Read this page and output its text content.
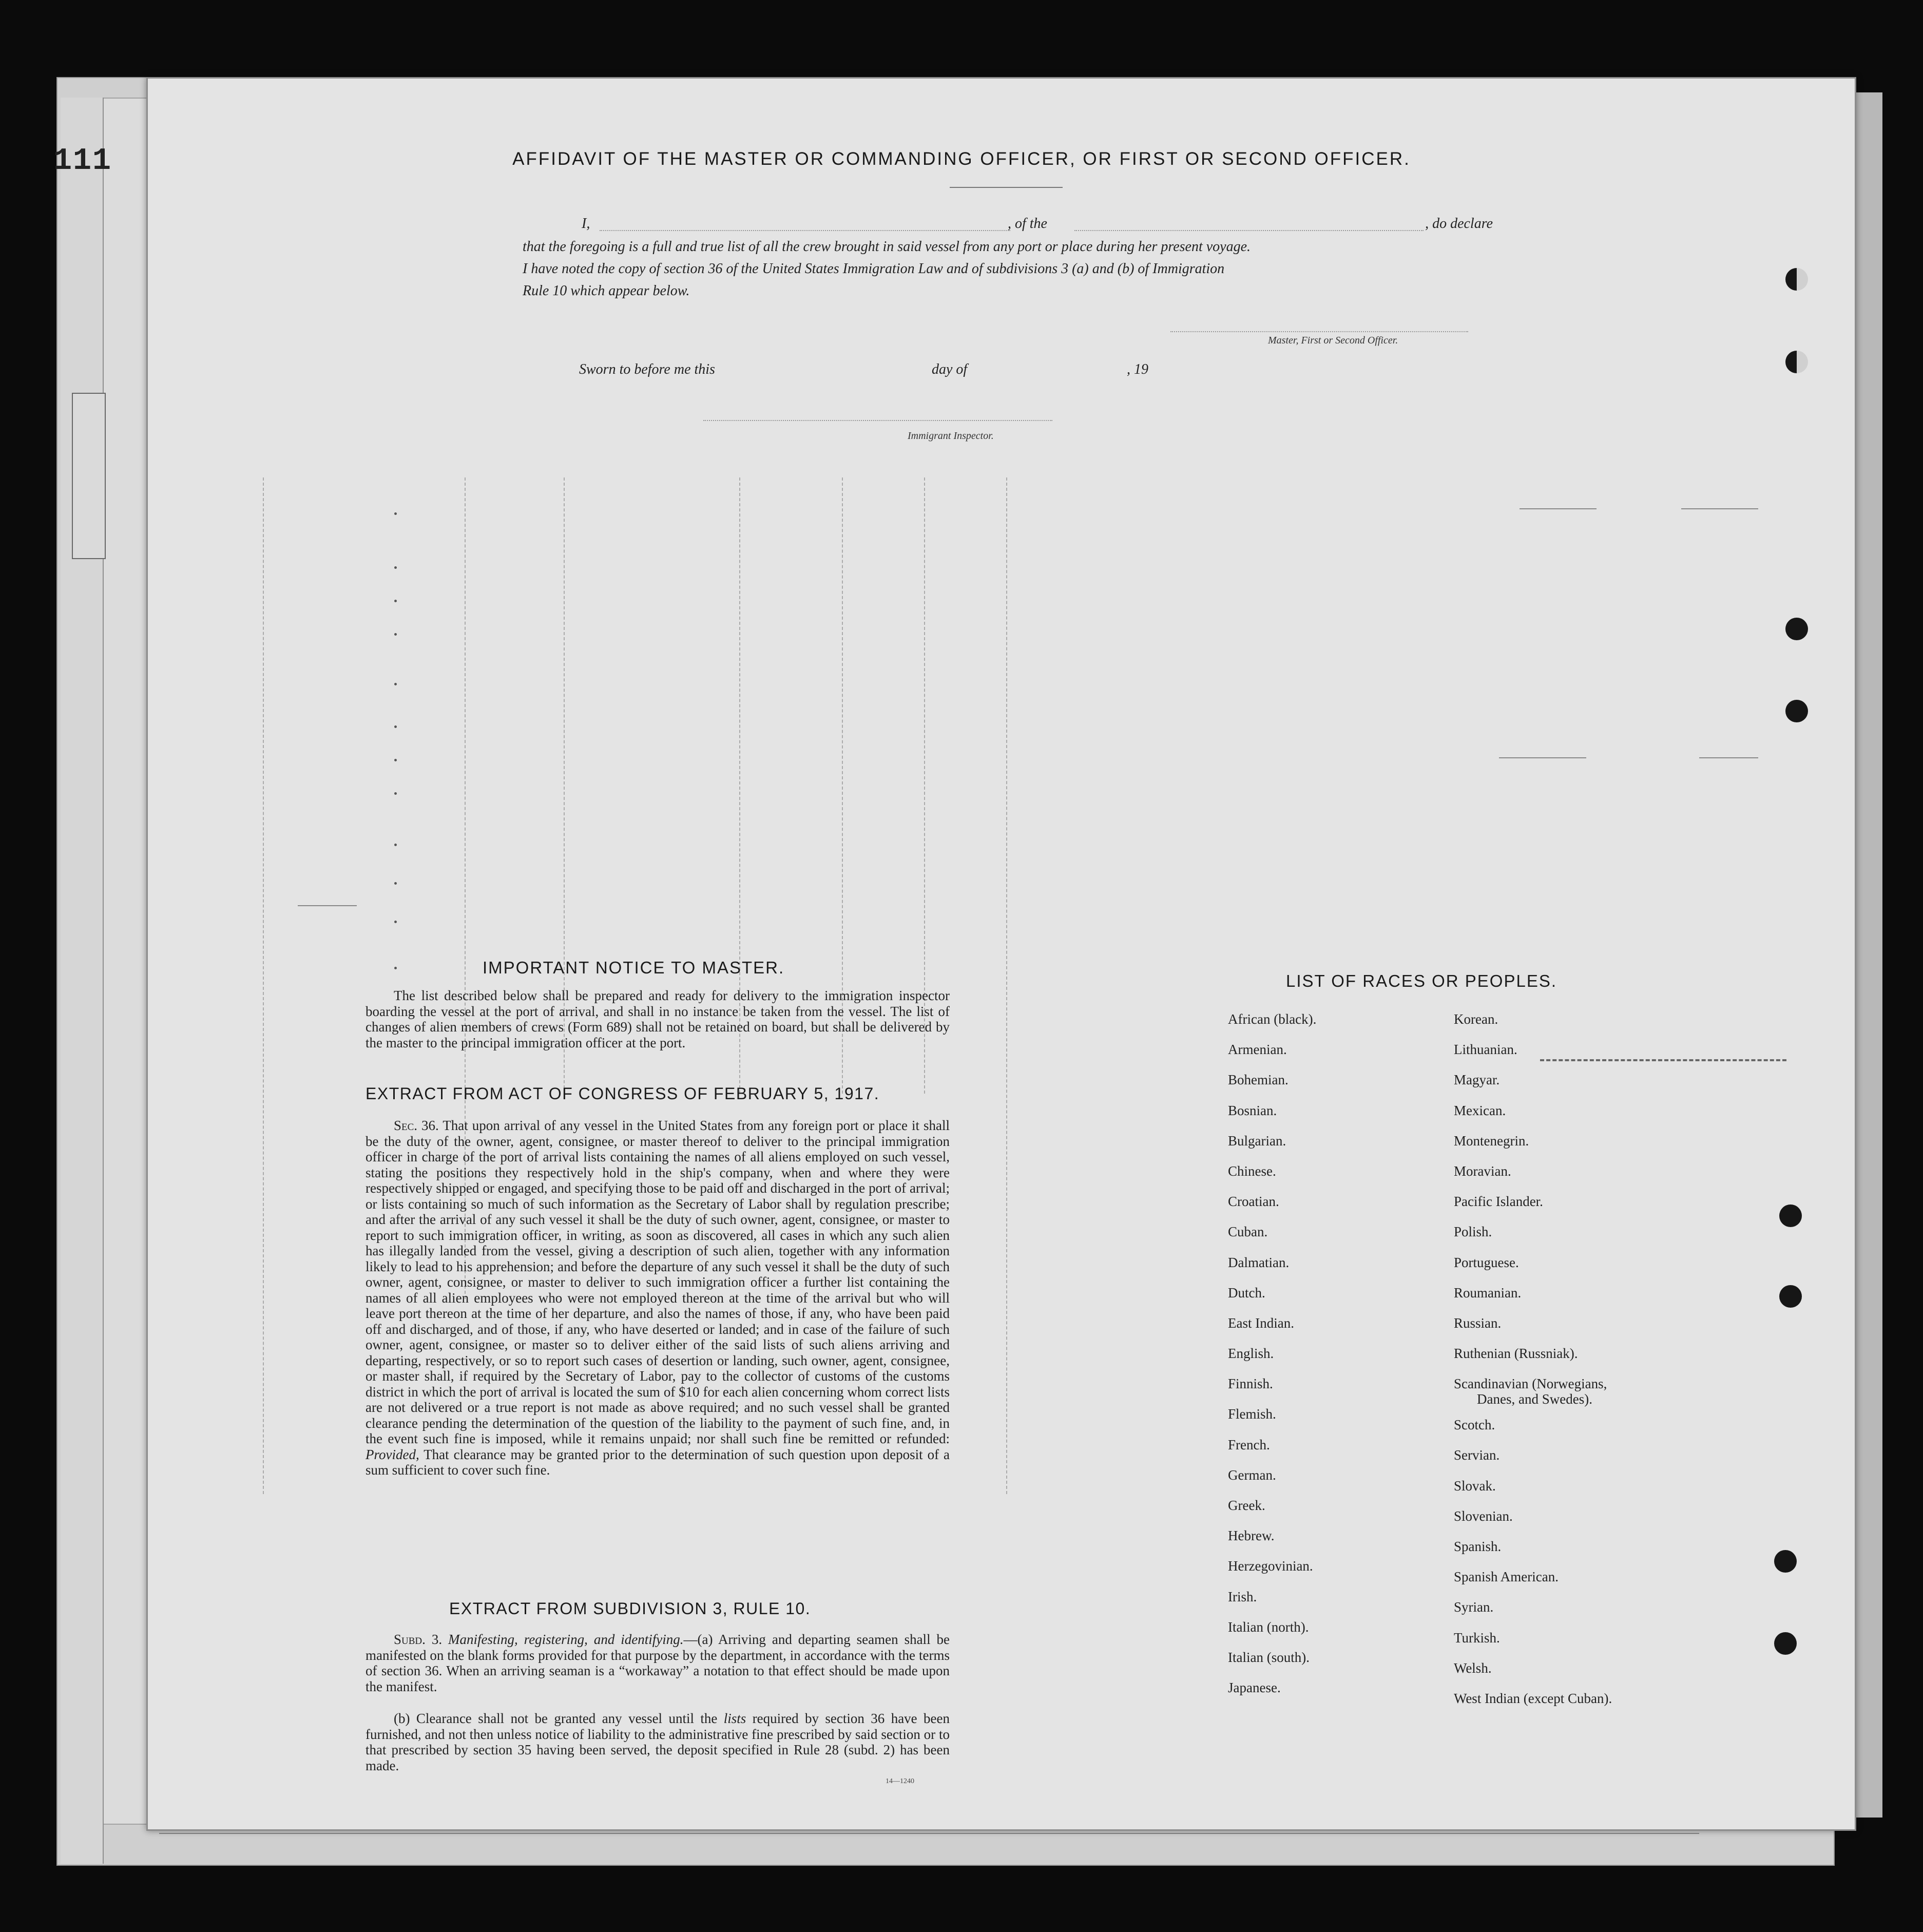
111	AFFIDAVIT OF THE MASTER OR COMMANDING OFFICER, OR FIRST OR SECOND OFFICER.
I,	, of the	, do declare
that the foregoing is a full and true list of all the crew brought in said vessel from any port or place during her present voyage.
I have noted the copy of section 36 of the United States Immigration Law and of subdivisions 3 (a) and (b) of Immigration
Rule 10 which appear below.
Master, First or Second Officer.
Sworn to before me this	day of	, 19
Immigrant Inspector.
IMPORTANT NOTICE TO MASTER.
The list described below shall be prepared and ready for delivery to the immigration inspector boarding the vessel at the port of arrival, and shall in no instance be taken from the vessel. The list of changes of alien members of crews (Form 689) shall not be retained on board, but shall be delivered by the master to the principal immigration officer at the port.
EXTRACT FROM ACT OF CONGRESS OF FEBRUARY 5, 1917.
Sec. 36. That upon arrival of any vessel in the United States from any foreign port or place it shall be the duty of the owner, agent, consignee, or master thereof to deliver to the principal immigration officer in charge of the port of arrival lists containing the names of all aliens employed on such vessel, stating the positions they respectively hold in the ship's company, when and where they were respectively shipped or engaged, and specifying those to be paid off and discharged in the port of arrival; or lists containing so much of such information as the Secretary of Labor shall by regulation prescribe; and after the arrival of any such vessel it shall be the duty of such owner, agent, consignee, or master to report to such immigration officer, in writing, as soon as discovered, all cases in which any such alien has illegally landed from the vessel, giving a description of such alien, together with any information likely to lead to his apprehension; and before the departure of any such vessel it shall be the duty of such owner, agent, consignee, or master to deliver to such immigration officer a further list containing the names of all alien employees who were not employed thereon at the time of the arrival but who will leave port thereon at the time of her departure, and also the names of those, if any, who have been paid off and discharged, and of those, if any, who have deserted or landed; and in case of the failure of such owner, agent, consignee, or master so to deliver either of the said lists of such aliens arriving and departing, respectively, or so to report such cases of desertion or landing, such owner, agent, consignee, or master shall, if required by the Secretary of Labor, pay to the collector of customs of the customs district in which the port of arrival is located the sum of $10 for each alien concerning whom correct lists are not delivered or a true report is not made as above required; and no such vessel shall be granted clearance pending the determination of the question of the liability to the payment of such fine, and, in the event such fine is imposed, while it remains unpaid; nor shall such fine be remitted or refunded: Provided, That clearance may be granted prior to the determination of such question upon deposit of a sum sufficient to cover such fine.
EXTRACT FROM SUBDIVISION 3, RULE 10.
Subd. 3. Manifesting, registering, and identifying.—(a) Arriving and departing seamen shall be manifested on the blank forms provided for that purpose by the department, in accordance with the terms of section 36. When an arriving seaman is a “workaway” a notation to that effect should be made upon the manifest.
(b) Clearance shall not be granted any vessel until the lists required by section 36 have been furnished, and not then unless notice of liability to the administrative fine prescribed by said section or to that prescribed by section 35 having been served, the deposit specified in Rule 28 (subd. 2) has been made.
14—1240
LIST OF RACES OR PEOPLES.
African (black).
Armenian.
Bohemian.
Bosnian.
Bulgarian.
Chinese.
Croatian.
Cuban.
Dalmatian.
Dutch.
East Indian.
English.
Finnish.
Flemish.
French.
German.
Greek.
Hebrew.
Herzegovinian.
Irish.
Italian (north).
Italian (south).
Japanese.
Korean.
Lithuanian.
Magyar.
Mexican.
Montenegrin.
Moravian.
Pacific Islander.
Polish.
Portuguese.
Roumanian.
Russian.
Ruthenian (Russniak).
Scandinavian (Norwegians,
Danes, and Swedes).
Scotch.
Servian.
Slovak.
Slovenian.
Spanish.
Spanish American.
Syrian.
Turkish.
Welsh.
West Indian (except Cuban).
